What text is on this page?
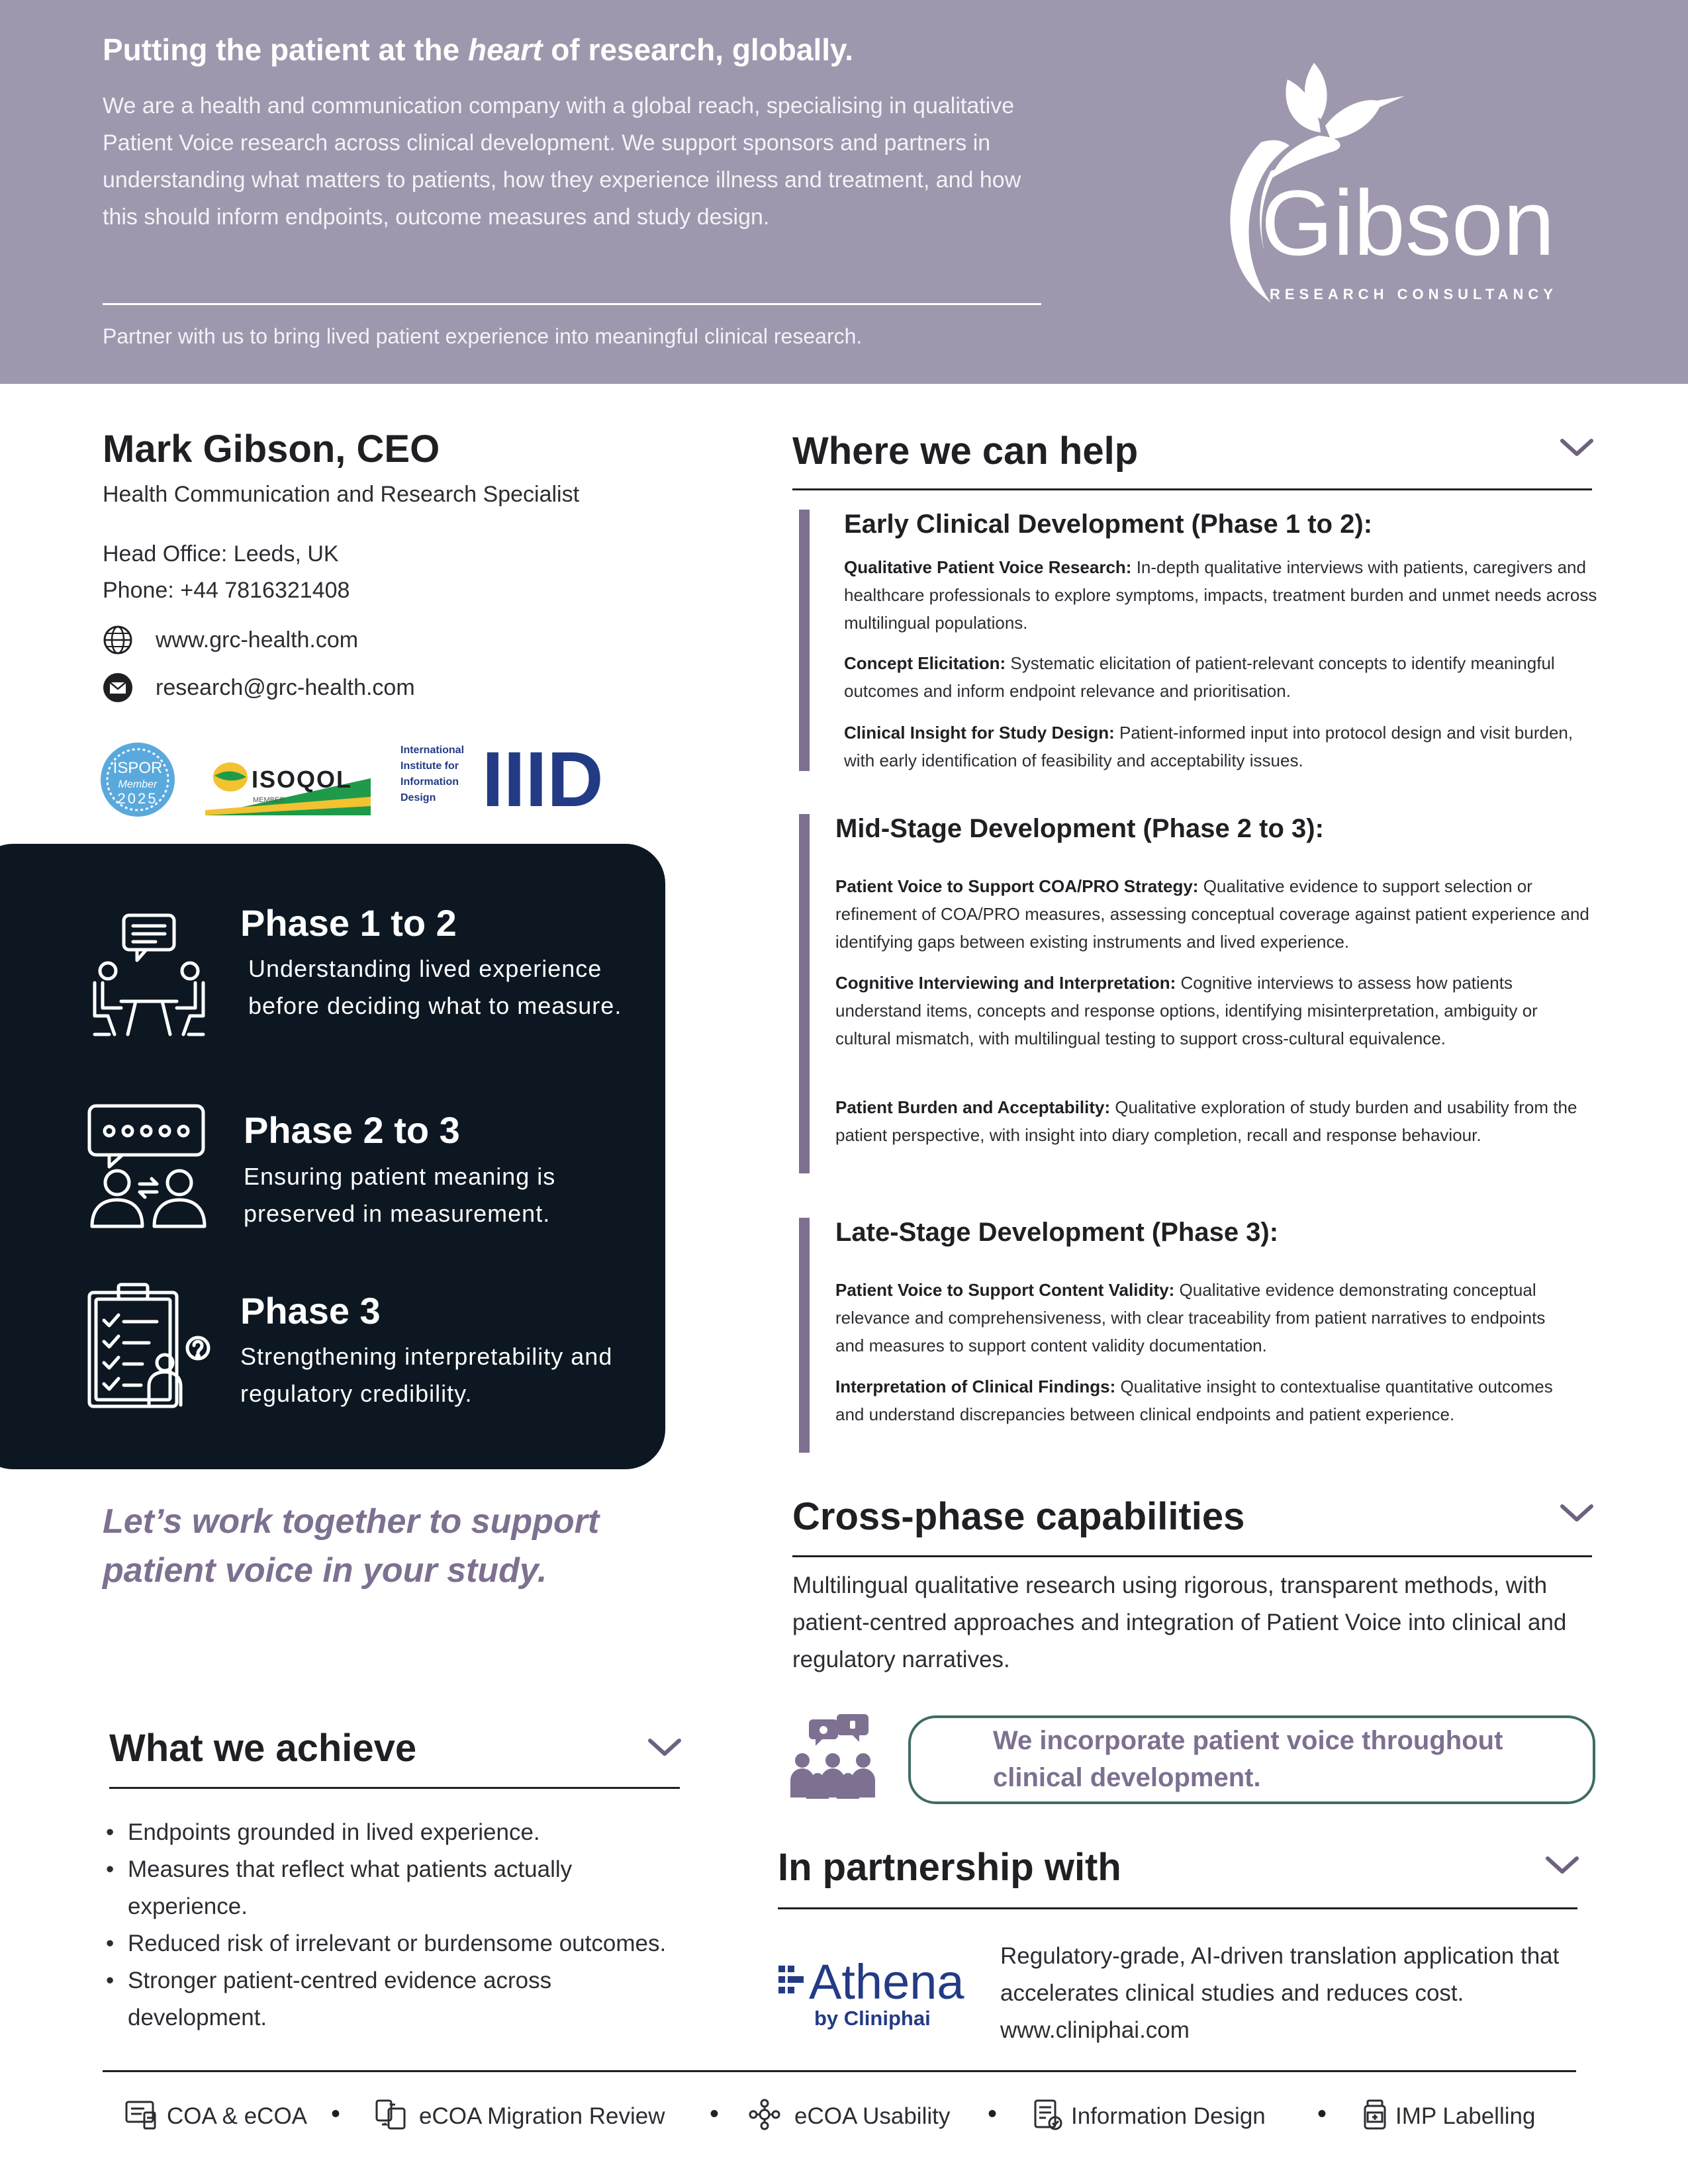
Putting the patient at the heart of research, globally.
We are a health and communication company with a global reach, specialising in qualitative Patient Voice research across clinical development. We support sponsors and partners in understanding what matters to patients, how they experience illness and treatment, and how this should inform endpoints, outcome measures and study design.
Partner with us to bring lived patient experience into meaningful clinical research.
Gibson
RESEARCH CONSULTANCY
Mark Gibson, CEO
Health Communication and Research Specialist
Head Office: Leeds, UK
Phone: +44 7816321408
www.grc-health.com
research@grc-health.com
ISPOR
Member
2025
ISOQOL
MEMBER
International
Institute for
Information
Design IIID
Phase 1 to 2
Understanding lived experience before deciding what to measure.
Phase 2 to 3
Ensuring patient meaning is preserved in measurement.
Phase 3
Strengthening interpretability and regulatory credibility.
Let’s work together to support patient voice in your study.
What we achieve
• Endpoints grounded in lived experience.
• Measures that reflect what patients actually experience.
• Reduced risk of irrelevant or burdensome outcomes.
• Stronger patient-centred evidence across development.
Where we can help
Early Clinical Development (Phase 1 to 2):
Qualitative Patient Voice Research: In-depth qualitative interviews with patients, caregivers and healthcare professionals to explore symptoms, impacts, treatment burden and unmet needs across multilingual populations.
Concept Elicitation: Systematic elicitation of patient-relevant concepts to identify meaningful outcomes and inform endpoint relevance and prioritisation.
Clinical Insight for Study Design: Patient-informed input into protocol design and visit burden, with early identification of feasibility and acceptability issues.
Mid-Stage Development (Phase 2 to 3):
Patient Voice to Support COA/PRO Strategy: Qualitative evidence to support selection or refinement of COA/PRO measures, assessing conceptual coverage against patient experience and identifying gaps between existing instruments and lived experience.
Cognitive Interviewing and Interpretation: Cognitive interviews to assess how patients understand items, concepts and response options, identifying misinterpretation, ambiguity or cultural mismatch, with multilingual testing to support cross-cultural equivalence.
Patient Burden and Acceptability: Qualitative exploration of study burden and usability from the patient perspective, with insight into diary completion, recall and response behaviour.
Late-Stage Development (Phase 3):
Patient Voice to Support Content Validity: Qualitative evidence demonstrating conceptual relevance and comprehensiveness, with clear traceability from patient narratives to endpoints and measures to support content validity documentation.
Interpretation of Clinical Findings: Qualitative insight to contextualise quantitative outcomes and understand discrepancies between clinical endpoints and patient experience.
Cross-phase capabilities
Multilingual qualitative research using rigorous, transparent methods, with patient-centred approaches and integration of Patient Voice into clinical and regulatory narratives.
We incorporate patient voice throughout clinical development.
In partnership with
Athena
by Cliniphai
Regulatory-grade, AI-driven translation application that accelerates clinical studies and reduces cost.
www.cliniphai.com
COA & eCOA •	eCOA Migration Review •	eCOA Usability •	Information Design •	IMP Labelling
